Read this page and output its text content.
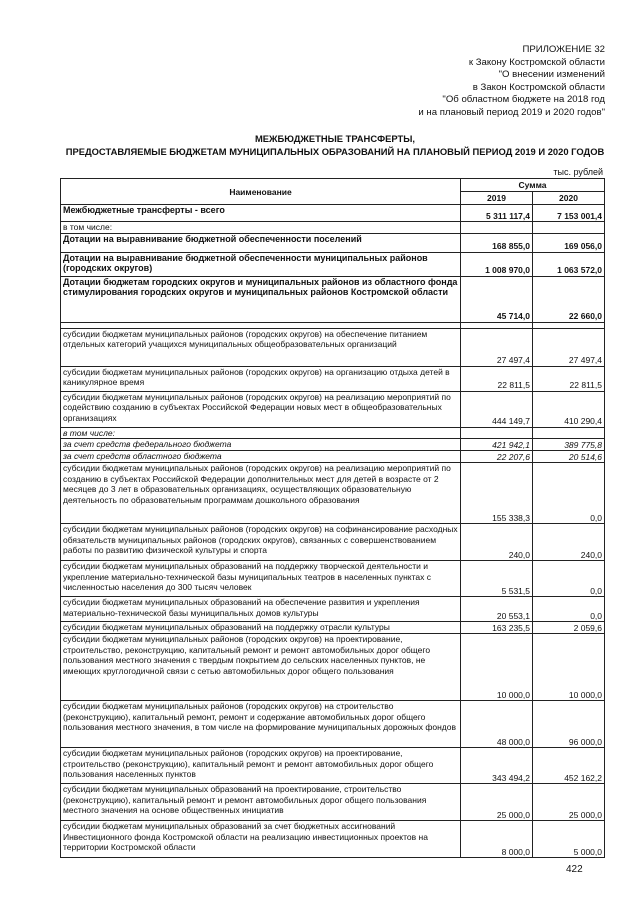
ПРИЛОЖЕНИЕ 32
к Закону Костромской области
"О внесении изменений
в Закон Костромской области
"Об областном бюджете на 2018 год
и на плановый период 2019 и 2020 годов"
МЕЖБЮДЖЕТНЫЕ ТРАНСФЕРТЫ,
ПРЕДОСТАВЛЯЕМЫЕ БЮДЖЕТАМ МУНИЦИПАЛЬНЫХ ОБРАЗОВАНИЙ НА ПЛАНОВЫЙ ПЕРИОД 2019 И 2020 ГОДОВ
тыс. рублей
Наименование	Сумма	
	2019	2020
Межбюджетные трансферты - всего	5 311 117,4	7 153 001,4
в том числе:		
Дотации на выравнивание бюджетной обеспеченности поселений	168 855,0	169 056,0
Дотации на выравнивание бюджетной обеспеченности муниципальных районов (городских округов)	1 008 970,0	1 063 572,0
Дотации бюджетам городских округов и муниципальных районов из областного фонда стимулирования городских округов и муниципальных районов Костромской области	45 714,0	22 660,0

субсидии бюджетам муниципальных районов (городских округов) на обеспечение питанием отдельных категорий учащихся муниципальных общеобразовательных организаций	27 497,4	27 497,4
субсидии бюджетам муниципальных районов (городских округов) на организацию отдыха детей в каникулярное время	22 811,5	22 811,5
субсидии бюджетам муниципальных районов (городских округов) на реализацию мероприятий по содействию созданию в субъектах Российской Федерации новых мест в общеобразовательных организациях	444 149,7	410 290,4
в том числе:		
за счет средств федерального бюджета	421 942,1	389 775,8
за счет средств областного бюджета	22 207,6	20 514,6
субсидии бюджетам муниципальных районов (городских округов) на реализацию мероприятий по созданию в субъектах Российской Федерации дополнительных мест для детей в возрасте от 2 месяцев до 3 лет в образовательных организациях, осуществляющих образовательную деятельность по образовательным программам дошкольного образования	155 338,3	0,0
субсидии бюджетам муниципальных районов (городских округов) на софинансирование расходных обязательств муниципальных районов (городских округов), связанных с совершенствованием работы по развитию физической культуры и спорта	240,0	240,0
субсидии бюджетам муниципальных образований на поддержку творческой деятельности и укрепление материально-технической базы муниципальных театров в населенных пунктах с численностью населения до 300 тысяч человек	5 531,5	0,0
субсидии бюджетам муниципальных образований на обеспечение развития и укрепления материально-технической базы муниципальных домов культуры	20 553,1	0,0
субсидии бюджетам муниципальных образований на поддержку отрасли культуры	163 235,5	2 059,6
субсидии бюджетам муниципальных районов (городских округов) на проектирование, строительство, реконструкцию, капитальный ремонт и ремонт автомобильных дорог общего пользования местного значения с твердым покрытием до сельских населенных пунктов, не имеющих круглогодичной связи с сетью автомобильных дорог общего пользования	10 000,0	10 000,0
субсидии бюджетам муниципальных районов (городских округов) на строительство (реконструкцию), капитальный ремонт, ремонт и содержание автомобильных дорог общего пользования местного значения, в том числе на формирование муниципальных дорожных фондов	48 000,0	96 000,0
субсидии бюджетам муниципальных районов (городских округов) на проектирование, строительство (реконструкцию), капитальный ремонт и ремонт автомобильных дорог общего пользования населенных пунктов	343 494,2	452 162,2
субсидии бюджетам муниципальных образований на проектирование, строительство (реконструкцию), капитальный ремонт и ремонт автомобильных дорог общего пользования местного значения на основе общественных инициатив	25 000,0	25 000,0
субсидии бюджетам муниципальных образований за счет бюджетных ассигнований Инвестиционного фонда Костромской области на реализацию инвестиционных проектов на территории Костромской области	8 000,0	5 000,0
422
